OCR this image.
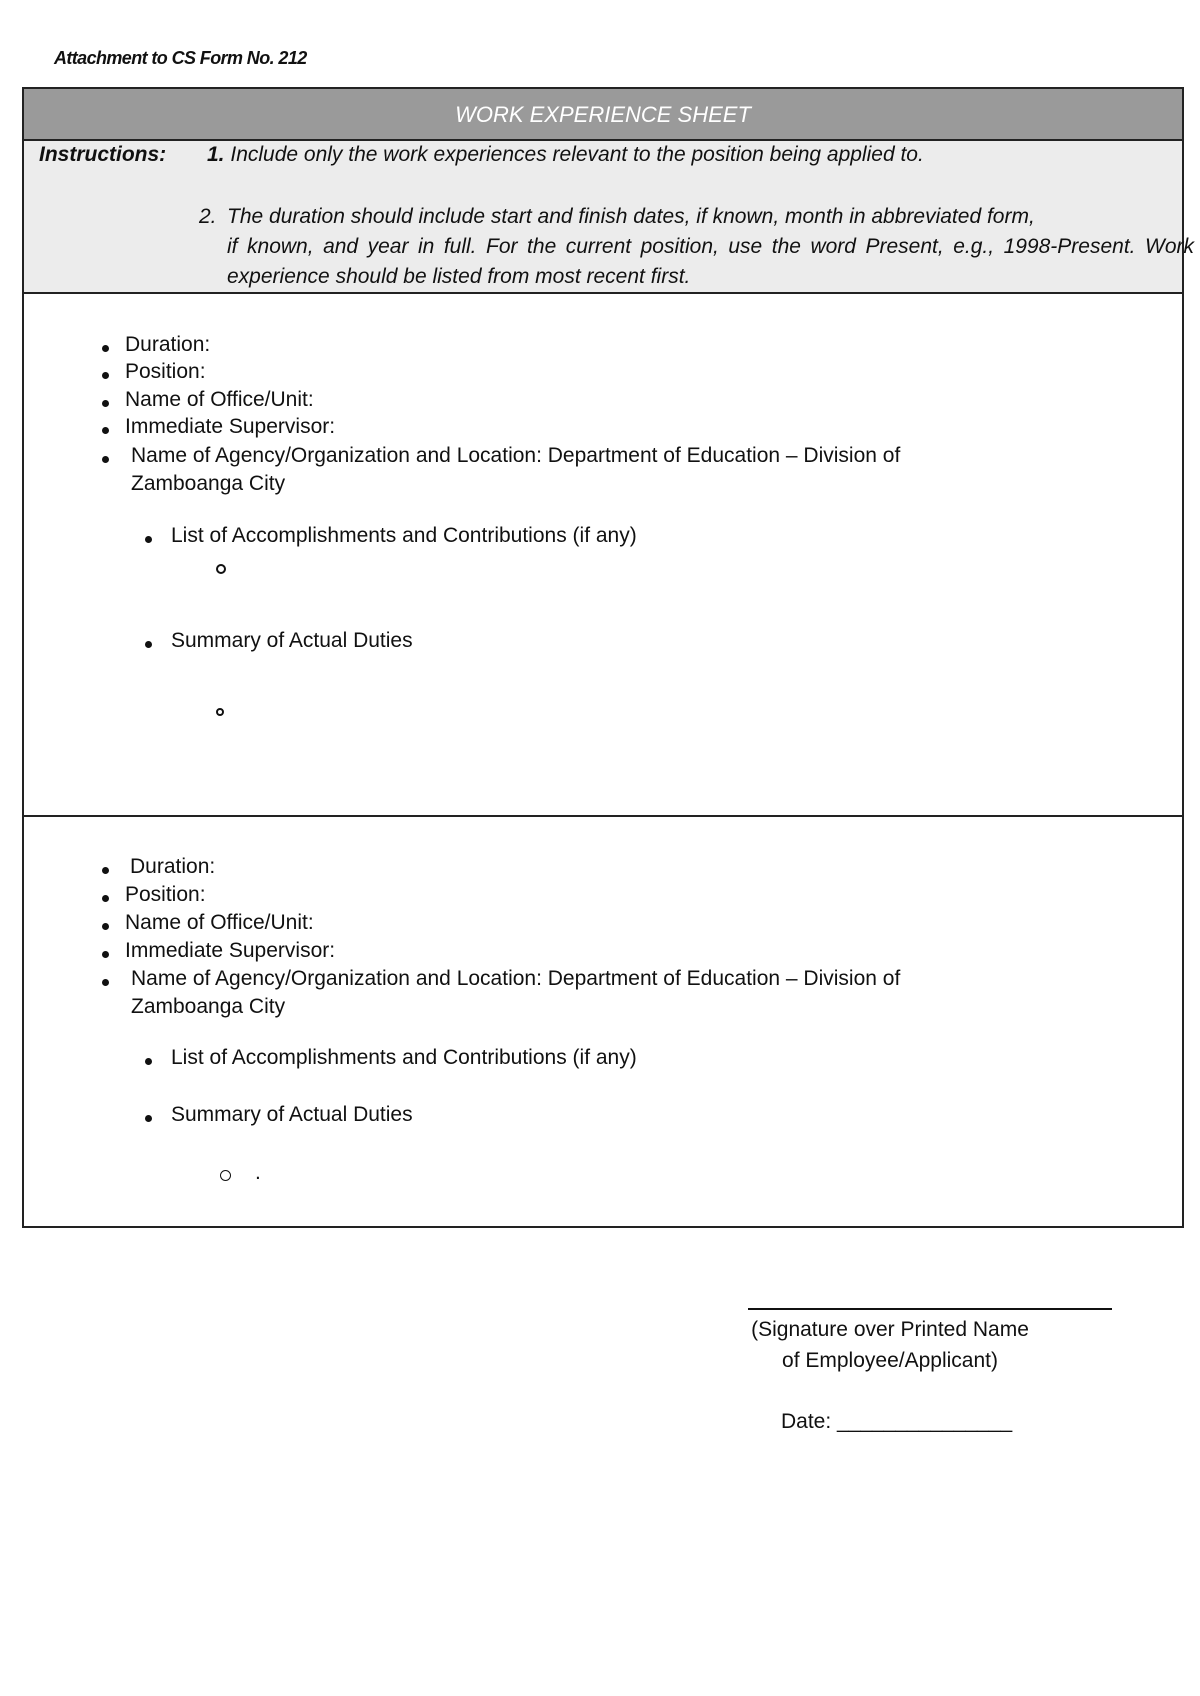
Attachment to CS Form No. 212
WORK EXPERIENCE SHEET
Instructions: 1. Include only the work experiences relevant to the position being applied to.
2. The duration should include start and finish dates, if known, month in abbreviated form,
if known, and year in full. For the current position, use the word Present, e.g., 1998-Present. Work experience should be listed from most recent first.
Duration:
Position:
Name of Office/Unit:
Immediate Supervisor:
Name of Agency/Organization and Location: Department of Education – Division of
Zamboanga City
List of Accomplishments and Contributions (if any)
Summary of Actual Duties
Duration:
Position:
Name of Office/Unit:
Immediate Supervisor:
Name of Agency/Organization and Location: Department of Education – Division of
Zamboanga City
List of Accomplishments and Contributions (if any)
Summary of Actual Duties
.
(Signature over Printed Name
of Employee/Applicant)
Date: _______________
